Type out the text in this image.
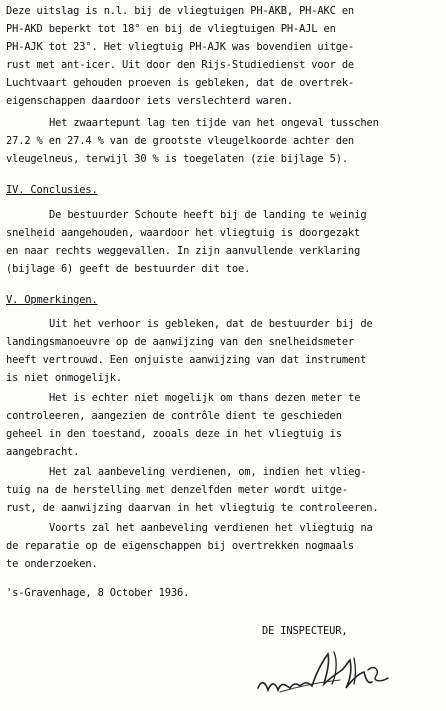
Deze uitslag is n.l. bij de vliegtuigen PH-AKB, PH-AKC en
PH-AKD beperkt tot 18° en bij de vliegtuigen PH-AJL en
PH-AJK tot 23°. Het vliegtuig PH-AJK was bovendien uitge-
rust met ant-icer. Uit door den Rijs-Studiedienst voor de
Luchtvaart gehouden proeven is gebleken, dat de overtrek-
eigenschappen daardoor iets verslechterd waren.
Het zwaartepunt lag ten tijde van het ongeval tusschen
27.2 % en 27.4 % van de grootste vleugelkoorde achter den
vleugelneus, terwijl 30 % is toegelaten (zie bijlage 5).
IV. Conclusies.
De bestuurder Schoute heeft bij de landing te weinig
snelheid aangehouden, waardoor het vliegtuig is doorgezakt
en naar rechts weggevallen. In zijn aanvullende verklaring
(bijlage 6) geeft de bestuurder dit toe.
V. Opmerkingen.
Uit het verhoor is gebleken, dat de bestuurder bij de
landingsmanoeuvre op de aanwijzing van den snelheidsmeter
heeft vertrouwd. Een onjuiste aanwijzing van dat instrument
is niet onmogelijk.
Het is echter niet mogelijk om thans dezen meter te
controleeren, aangezien de contrôle dient te geschieden
geheel in den toestand, zooals deze in het vliegtuig is
aangebracht.
Het zal aanbeveling verdienen, om, indien het vlieg-
tuig na de herstelling met denzelfden meter wordt uitge-
rust, de aanwijzing daarvan in het vliegtuig te controleeren.
Voorts zal het aanbeveling verdienen het vliegtuig na
de reparatie op de eigenschappen bij overtrekken nogmaals
te onderzoeken.
's-Gravenhage, 8 October 1936.
DE INSPECTEUR,
